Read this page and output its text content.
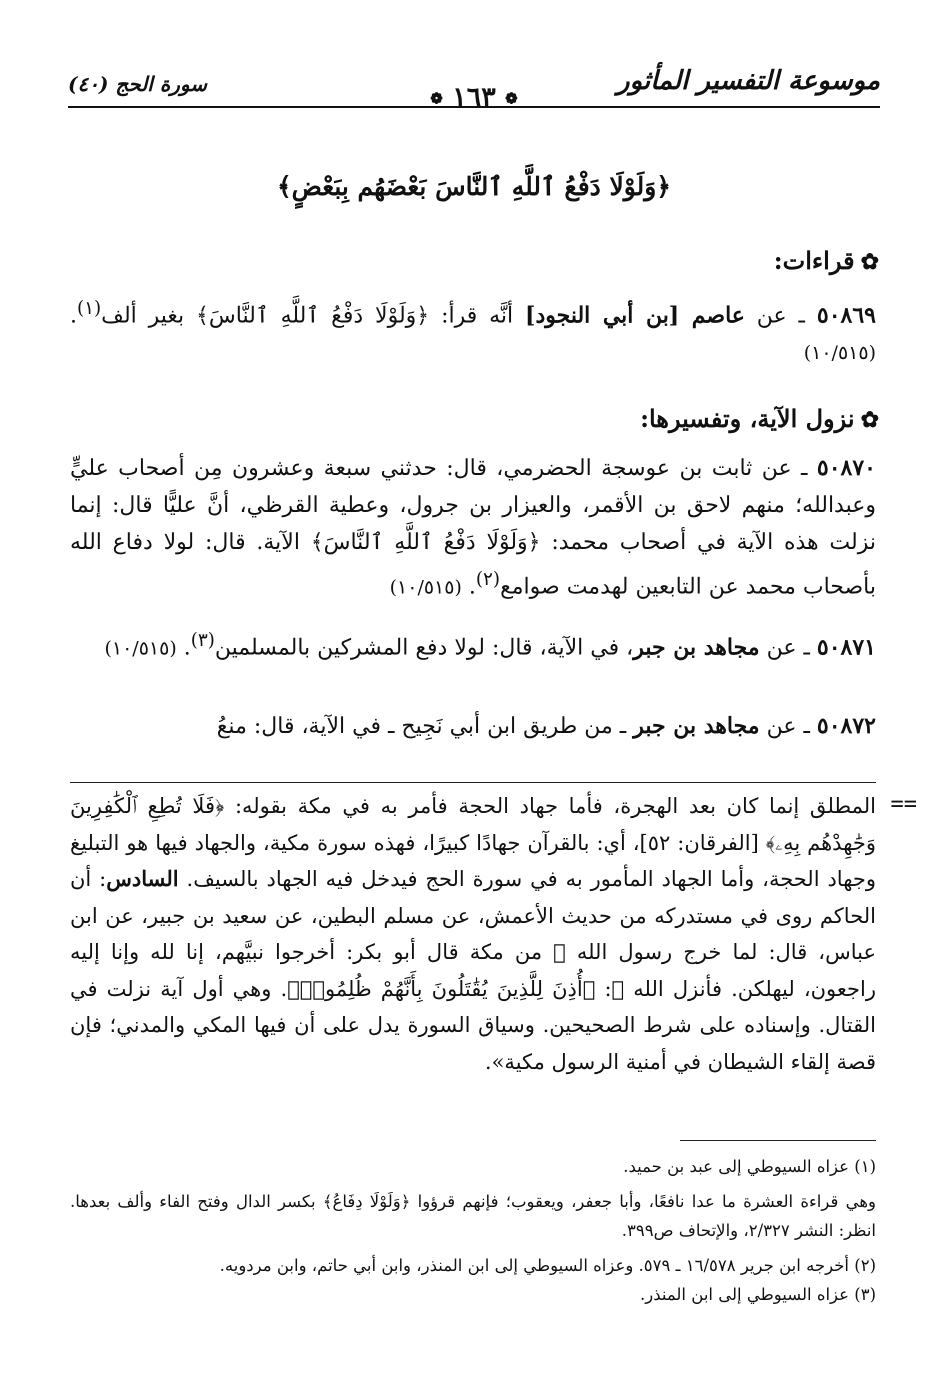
موسوعة التفسير المأثور
❁ ١٦٣ ❁
سورة الحج (٤٠)
﴿وَلَوْلَا دَفْعُ ٱللَّهِ ٱلنَّاسَ بَعْضَهُم بِبَعْضٍ﴾
✿قراءات:
٥٠٨٦٩ ـ عن عاصم [بن أبي النجود] أنَّه قرأ: ﴿وَلَوْلَا دَفْعُ ٱللَّهِ ٱلنَّاسَ﴾ بغير ألف$^{(١)}$. (١٠/٥١٥)
✿نزول الآية، وتفسيرها:
٥٠٨٧٠ ـ عن ثابت بن عوسجة الحضرمي، قال: حدثني سبعة وعشرون مِن أصحاب عليٍّ وعبدالله؛ منهم لاحق بن الأقمر، والعيزار بن جرول، وعطية القرظي، أنَّ عليًّا قال: إنما نزلت هذه الآية في أصحاب محمد: ﴿وَلَوْلَا دَفْعُ ٱللَّهِ ٱلنَّاسَ﴾ الآية. قال: لولا دفاع الله بأصحاب محمد عن التابعين لهدمت صوامع$^{(٢)}$. (١٠/٥١٥)
٥٠٨٧١ ـ عن مجاهد بن جبر، في الآية، قال: لولا دفع المشركين بالمسلمين$^{(٣)}$. (١٠/٥١٥)
٥٠٨٧٢ ـ عن مجاهد بن جبر ـ من طريق ابن أبي نَجِيح ـ في الآية، قال: منعُ
==
المطلق إنما كان بعد الهجرة، فأما جهاد الحجة فأمر به في مكة بقوله: ﴿فَلَا تُطِعِ ٱلْكَٰفِرِينَ وَجَٰهِدْهُم بِهِۦ﴾ [الفرقان: ٥٢]، أي: بالقرآن جهادًا كبيرًا، فهذه سورة مكية، والجهاد فيها هو التبليغ وجهاد الحجة، وأما الجهاد المأمور به في سورة الحج فيدخل فيه الجهاد بالسيف. السادس: أن الحاكم روى في مستدركه من حديث الأعمش، عن مسلم البطين، عن سعيد بن جبير، عن ابن عباس، قال: لما خرج رسول الله ﷺ من مكة قال أبو بكر: أخرجوا نبيَّهم، إنا لله وإنا إليه راجعون، ليهلكن. فأنزل الله ﷻ: ﴿أُذِنَ لِلَّذِينَ يُقَٰتَلُونَ بِأَنَّهُمْ ظُلِمُوا۟﴾. وهي أول آية نزلت في القتال. وإسناده على شرط الصحيحين. وسياق السورة يدل على أن فيها المكي والمدني؛ فإن قصة إلقاء الشيطان في أمنية الرسول مكية».

(١) عزاه السيوطي إلى عبد بن حميد.

وهي قراءة العشرة ما عدا نافعًا، وأبا جعفر، ويعقوب؛ فإنهم قرؤوا ﴿وَلَوْلَا دِفَاعُ﴾ بكسر الدال وفتح الفاء وألف بعدها. انظر: النشر ٢/٣٢٧، والإتحاف ص٣٩٩.

(٢) أخرجه ابن جرير ١٦/٥٧٨ ـ ٥٧٩. وعزاه السيوطي إلى ابن المنذر، وابن أبي حاتم، وابن مردويه.

(٣) عزاه السيوطي إلى ابن المنذر.
